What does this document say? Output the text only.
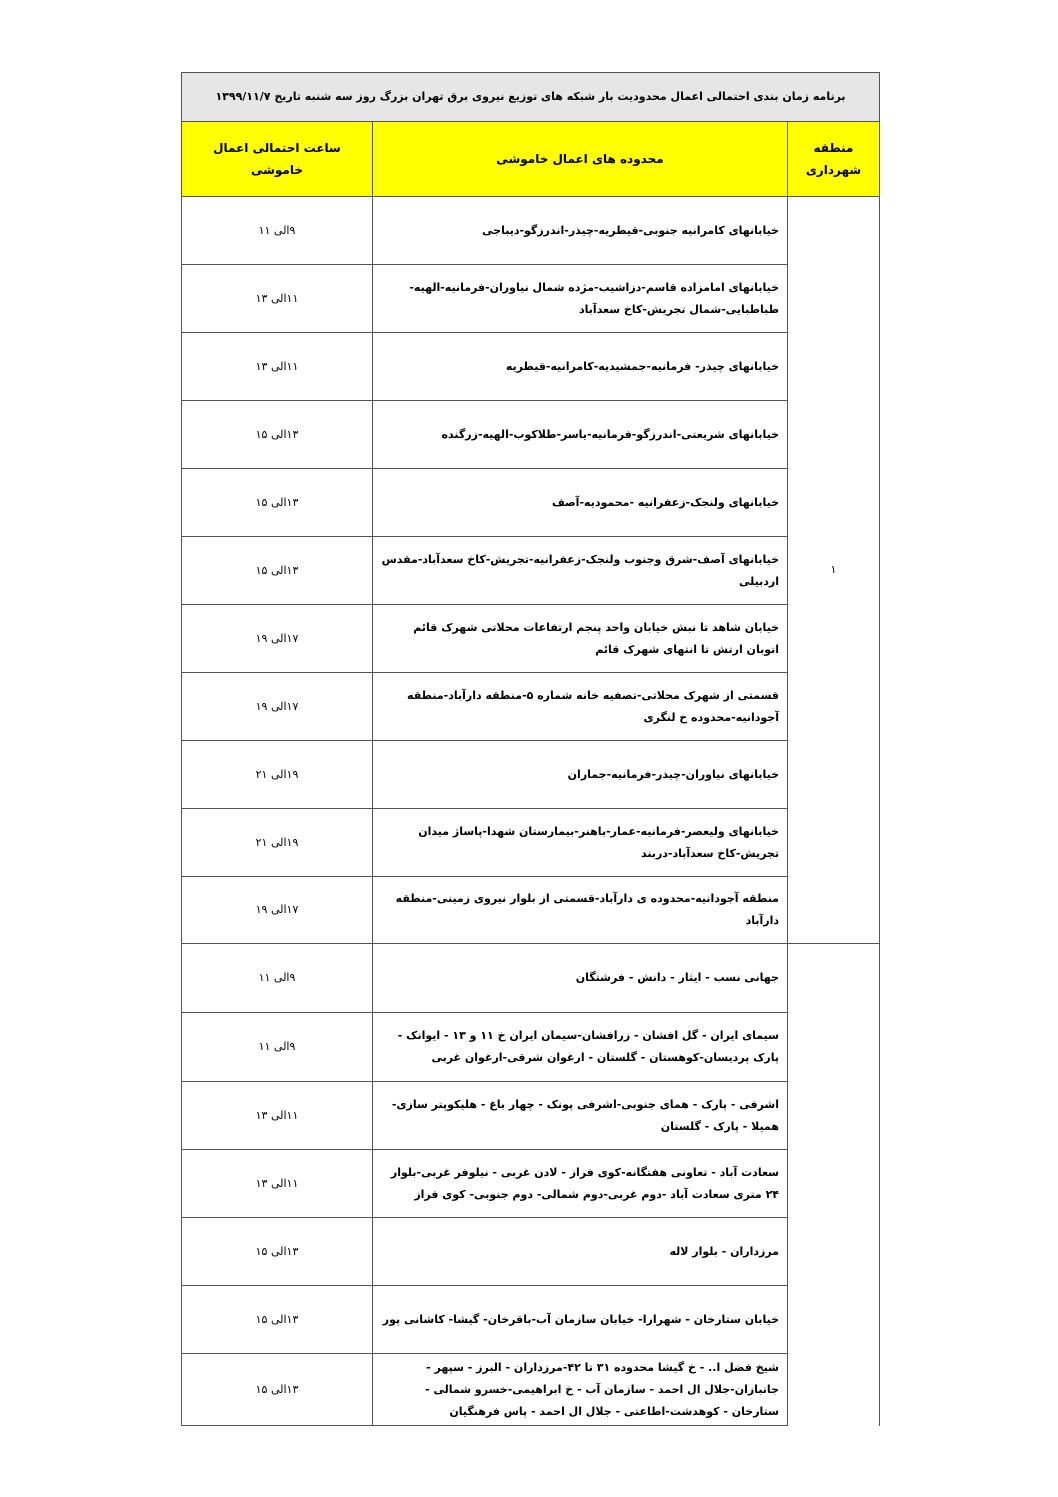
برنامه زمان بندی احتمالی اعمال محدودیت بار شبکه های توزیع نیروی برق تهران بزرگ روز سه شنبه تاریخ ۱۳۹۹/۱۱/۷		
منطقه شهرداری	محدوده های اعمال خاموشی	ساعت احتمالی اعمال خاموشی
۱	خیابانهای کامرانیه جنوبی-قیطریه-چیذر-اندرزگو-دیباجی	۹الی ۱۱
	خیابانهای امامزاده قاسم-دزاشیب-مژده شمال نیاوران-فرمانیه-الهیه-طباطبایی-شمال تجریش-کاخ سعدآباد	۱۱الی ۱۳
	خیابانهای چیذر- فرمانیه-جمشیدیه-کامرانیه-قیطریه	۱۱الی ۱۳
	خیابانهای شریعتی-اندرزگو-فرمانیه-یاسر-طلاکوب-الهیه-زرگنده	۱۳الی ۱۵
	خیابانهای ولنجک-زعفرانیه -محمودیه-آصف	۱۳الی ۱۵
	خیابانهای آصف-شرق وجنوب ولنجک-زعفرانیه-تجریش-کاخ سعدآباد-مقدس اردبیلی	۱۳الی ۱۵
	خیابان شاهد تا نبش خیابان واحد پنجم ارتفاعات محلاتی شهرک قائم اتوبان ارتش تا انتهای شهرک قائم	۱۷الی ۱۹
	قسمتی از شهرک محلاتی-تصفیه خانه شماره ۵-منطقه دارآباد-منطقه آجودانیه-محدوده خ لنگری	۱۷الی ۱۹
	خیابانهای نیاوران-چیذر-فرمانیه-جماران	۱۹الی ۲۱
	خیابانهای ولیعصر-فرمانیه-عمار-باهنر-بیمارستان شهدا-پاساژ میدان تجریش-کاخ سعدآباد-دربند	۱۹الی ۲۱
	منطقه آجودانیه-محدوده ی دارآباد-قسمتی از بلوار نیروی زمینی-منطقه دارآباد	۱۷الی ۱۹
	جهانی نسب - ایثار - دانش - فرشتگان	۹الی ۱۱
	سیمای ایران - گل افشان - زرافشان-سیمان ایران خ ۱۱ و ۱۳ - ایوانک - پارک پردیسان-کوهستان - گلستان - ارغوان شرقی-ارغوان غربی	۹الی ۱۱
	اشرفی - پارک - همای جنوبی-اشرفی پونک - چهار باغ - هلیکوپتر سازی-همیلا - پارک - گلستان	۱۱الی ۱۳
	سعادت آباد - تعاونی هفتگانه-کوی فراز - لادن غربی - نیلوفر غربی-بلوار ۲۴ متری سعادت آباد -دوم غربی-دوم شمالی- دوم جنوبی- کوی فراز	۱۱الی ۱۳
	مرزداران - بلوار لاله	۱۳الی ۱۵
	خیابان ستارخان - شهرارا- خیابان سازمان آب-باقرخان- گیشا- کاشانی پور	۱۳الی ۱۵
	شیخ فضل ا.. - خ گیشا محدوده ۳۱ تا ۴۲-مرزداران - البرز - سپهر - جانبازان-جلال ال احمد - سازمان آب - خ ابراهیمی-خسرو شمالی - ستارخان - کوهدشت-اطاعتی - جلال ال احمد - پاس فرهنگیان	۱۳الی ۱۵
